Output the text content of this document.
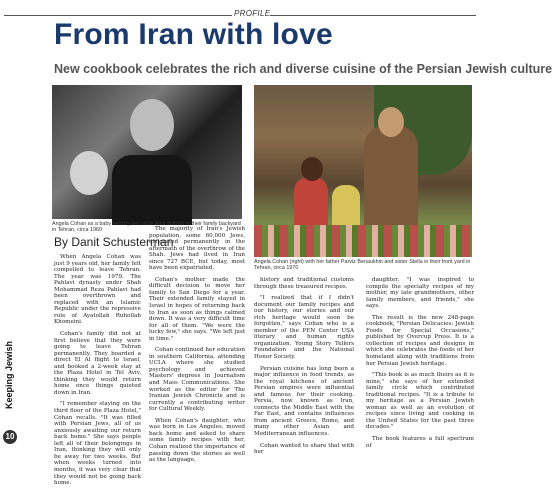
PROFILE
From Iran with love
New cookbook celebrates the rich and diverse cuisine of the Persian Jewish culture
Angela Cohan as a baby held by her uncle Amir Sabuhi in their family backyard in Tehran, circa 1960
Angela Cohan (right) with her father Parviz Benaukhin and sister Stella in their front yard in Tehran, circa 1970
By Danit Schusterman

When Angela Cohan was just 9 years old, her family felt compelled to leave Tehran. The year was 1979. The Pahlavi dynasty under Shah Mohammad Reza Pahlavi had been overthrown and replaced with an Islamic Republic under the repressive rule of Ayatollah Ruhollah Khomeini.

Cohan's family did not at first believe that they were going to leave Tehran permanently. They boarded a direct El Al flight to Israel, and booked a 2-week stay at the Plaza Hotel in Tel Aviv, thinking they would return home once things quieted down in Iran.

"I remember staying on the third floor of the Plaza Hotel," Cohan recalls. "It was filled with Persian Jews, all of us anxiously awaiting our return back home." She says people left all of their belongings in Iran, thinking they will only be away for two weeks. But when weeks turned into months, it was very clear that they would not be going back home.

The majority of Iran's Jewish population, some 60,000 Jews, emigrated permanently in the aftermath of the overthrow of the Shah. Jews had lived in Iran since 727 BCE, but today, most have been expatriated.

Cohan's mother made the difficult decision to move her family to San Diego for a year. Their extended family stayed in Israel in hopes of returning back to Iran as soon as things calmed down. It was a very difficult time for all of them. "We were the lucky few," she says. "We left just in time."

Cohan continued her education in southern California, attending UCLA where she studied psychology and achieved Masters' degrees in Journalism and Mass Communications. She worked as the editor for The Iranian Jewish Chronicle and is currently a contributing writer for Cultural Weekly.

When Cohan's daughter, who was born in Los Angeles, moved back home and asked to share some family recipes with her, Cohan realized the importance of passing down the stories as well as the language,

history and traditional customs through these treasured recipes.

"I realized that if I didn't document our family recipes and our history, our stories and our rich heritage would soon be forgotten," says Cohan who is a member of the PEN Center USA literary and human rights organization, Young Story Tellers Foundation and the National Honor Society.

Persian cuisine has long been a major influence in food trends, as the royal kitchens of ancient Persian empires were influential and famous for their cooking. Persia, now known as Iran, connects the Middle East with the Far East, and contains influences from ancient Greece, Rome, and many other Asian and Mediterranean influences.

Cohan wanted to share that with her

daughter. "I was inspired to compile the specialty recipes of my mother, my late grandmothers, other family members, and friends," she says.

The result is the new 248-page cookbook, "Persian Delicacies: Jewish Foods for Special Occasions," published by Overcup Press. It is a collection of recipes and designs in which she celebrates the foods of her homeland along with traditions from her Persian Jewish heritage.

"This book is as much theirs as it is mine," she says of her extended family circle which contributed traditional recipes. "It is a tribute to my heritage as a Persian Jewish woman as well as an evolution of recipes since living and cooking in the United States for the past three decades."

The book features a full spectrum of

Keeping Jewish
10
